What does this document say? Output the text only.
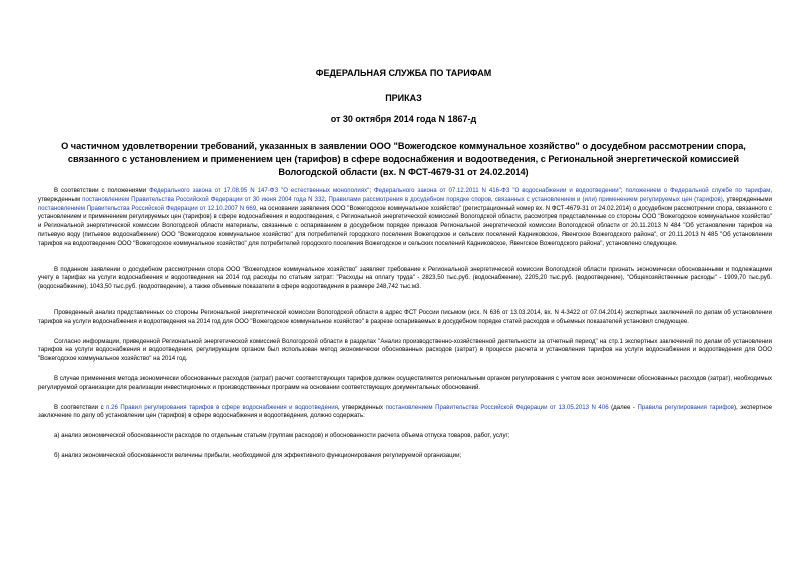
ФЕДЕРАЛЬНАЯ СЛУЖБА ПО ТАРИФАМ
ПРИКАЗ
от 30 октября 2014 года N 1867-д
О частичном удовлетворении требований, указанных в заявлении ООО "Вожегодское коммунальное хозяйство" о досудебном рассмотрении спора, связанного с установлением и применением цен (тарифов) в сфере водоснабжения и водоотведения, с Региональной энергетической комиссией Вологодской области (вх. N ФСТ-4679-31 от 24.02.2014)

В соответствии с положениями Федерального закона от 17.08.95 N 147-ФЗ "О естественных монополиях"; Федерального закона от 07.12.2011 N 416-ФЗ "О водоснабжении и водоотведении"; положением о Федеральной службе по тарифам, утвержденным постановлением Правительства Российской Федерации от 30 июня 2004 года N 332, Правилами рассмотрения в досудебном порядке споров, связанных с установлением и (или) применением регулируемых цен (тарифов), утвержденными постановлением Правительства Российской Федерации от 12.10.2007 N 669, на основании заявления ООО "Вожегодское коммунальное хозяйство" (регистрационный номер вх. N ФСТ-4679-31 от 24.02.2014) о досудебном рассмотрении спора, связанного с установлением и применением регулируемых цен (тарифов) в сфере водоснабжения и водоотведения, с Региональной энергетической комиссией Вологодской области, рассмотрев представленные со стороны ООО "Вожегодское коммунальное хозяйство" и Региональной энергетической комиссии Вологодской области материалы, связанные с оспариванием в досудебном порядке приказов Региональной энергетической комиссии Вологодской области от 20.11.2013 N 484 "Об установлении тарифов на питьевую воду (питьевое водоснабжение) ООО "Вожегодское коммунальное хозяйство" для потребителей городского поселения Вожегодское и сельских поселений Кадниковское, Явенгское Вожегодского района", от 20.11.2013 N 485 "Об установлении тарифов на водоотведение ООО "Вожегодское коммунальное хозяйство" для потребителей городского поселения Вожегодское и сельских поселений Кадниковское, Явенгское Вожегодского района", установлено следующее.

В поданном заявлении о досудебном рассмотрении спора ООО "Вожегодское коммунальное хозяйство" заявляет требование к Региональной энергетической комиссии Вологодской области признать экономически обоснованными и подлежащими учету в тарифах на услуги водоснабжения и водоотведения на 2014 год расходы по статьям затрат: "Расходы на оплату труда" - 2823,50 тыс.руб. (водоснабжение), 2205,20 тыс.руб. (водоотведение), "Общехозяйственные расходы" - 1909,70 тыс.руб. (водоснабжение), 1043,50 тыс.руб. (водоотведение), а также объемные показатели в сфере водоотведения в размере 248,742 тыс.м3.

Проведенный анализ представленных со стороны Региональной энергетической комиссии Вологодской области в адрес ФСТ России письмом (исх. N 636 от 13.03.2014, вх. N 4-3422 от 07.04.2014) экспертных заключений по делам об установлении тарифов на услуги водоснабжения и водоотведения на 2014 год для ООО "Вожегодское коммунальное хозяйство" в разрезе оспариваемых в досудебном порядке статей расходов и объемных показателей установил следующее.

Согласно информации, приведенной Региональной энергетической комиссией Вологодской области в разделах "Анализ производственно-хозяйственной деятельности за отчетный период" на стр.1 экспертных заключений по делам об установлении тарифов на услуги водоснабжения и водоотведения, регулирующим органом был использован метод экономически обоснованных расходов (затрат) в процессе расчета и установления тарифов на услуги водоснабжения и водоотведения для ООО "Вожегодское коммунальное хозяйство" на 2014 год.

В случае применения метода экономически обоснованных расходов (затрат) расчет соответствующих тарифов должен осуществляется региональным органом регулирования с учетом всех экономически обоснованных расходов (затрат), необходимых регулируемой организации для реализации инвестиционных и производственных программ на основании соответствующих документальных обоснований.

В соответствии с п.26 Правил регулирования тарифов в сфере водоснабжения и водоотведения, утвержденных постановлением Правительства Российской Федерации от 13.05.2013 N 406 (далее - Правила регулирования тарифов), экспертное заключение по делу об установлении цен (тарифов) в сфере водоснабжения и водоотведения, должно содержать:

а) анализ экономической обоснованности расходов по отдельным статьям (группам расходов) и обоснованности расчета объема отпуска товаров, работ, услуг;

б) анализ экономической обоснованности величины прибыли, необходимой для эффективного функционирования регулируемой организации;
